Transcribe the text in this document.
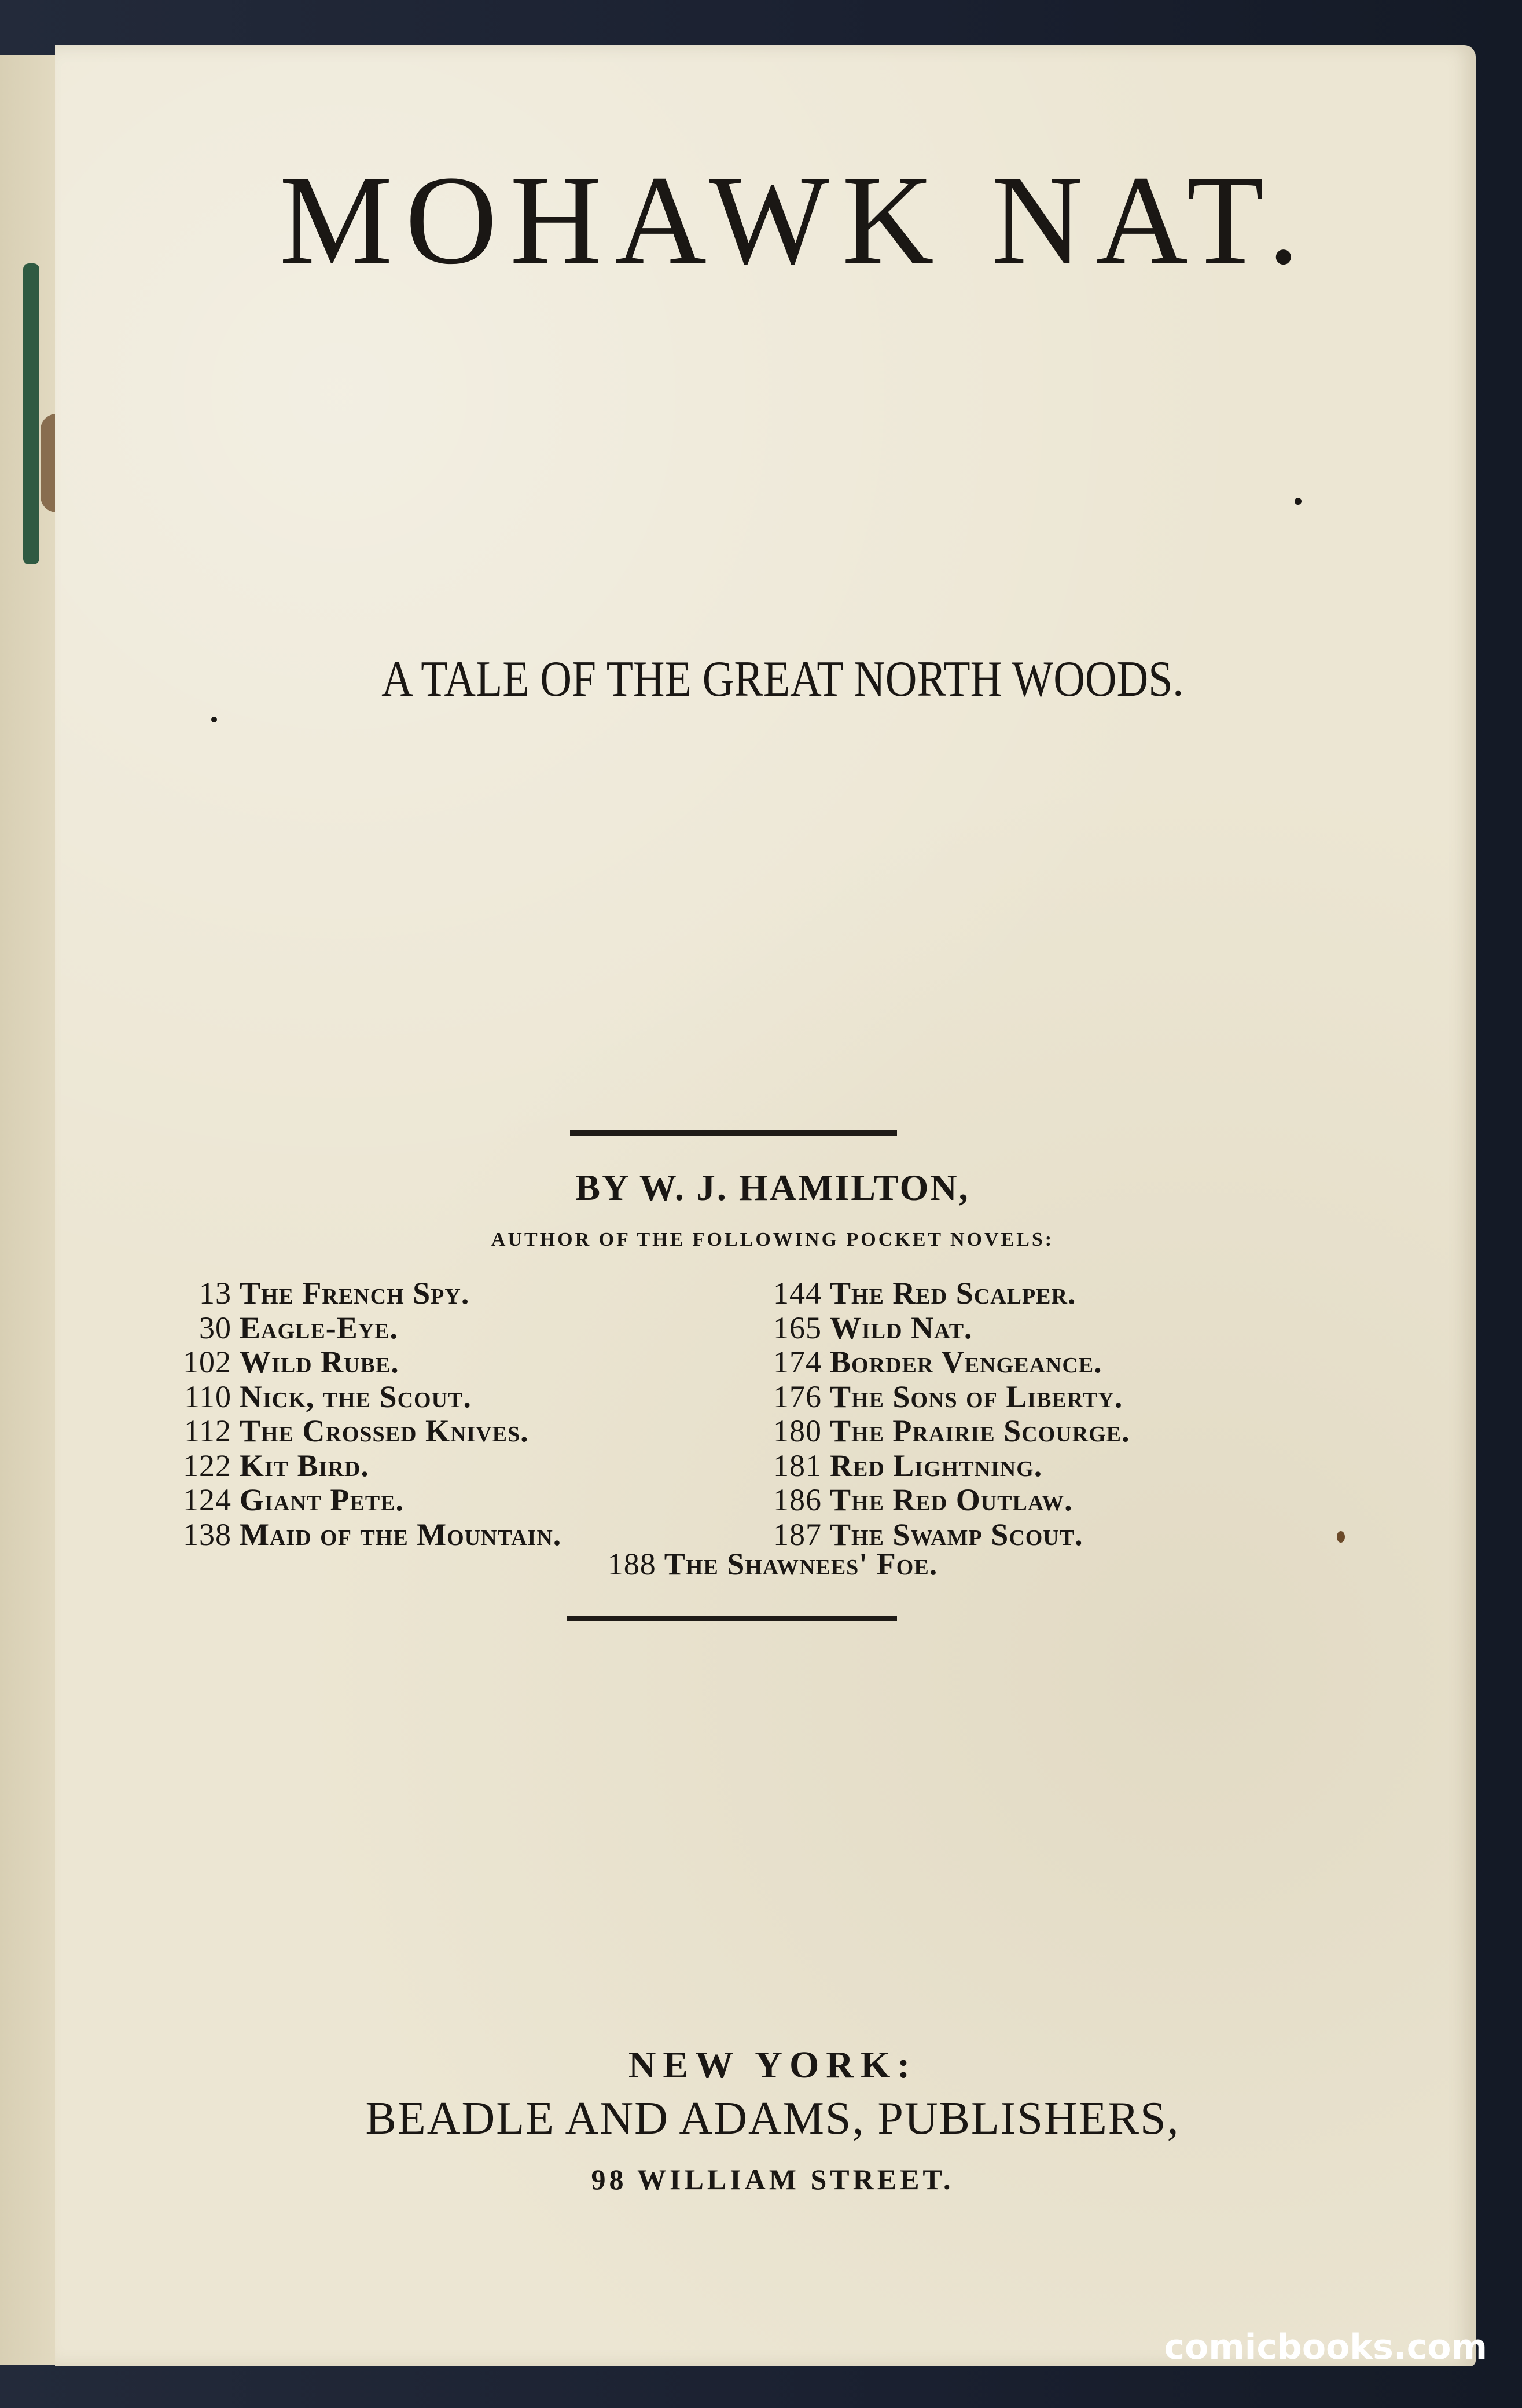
MOHAWK NAT.
A TALE OF THE GREAT NORTH WOODS.
BY W. J. HAMILTON,
AUTHOR OF THE FOLLOWING POCKET NOVELS:
13 The French Spy.
30 Eagle-Eye.
102 Wild Rube.
110 Nick, the Scout.
112 The Crossed Knives.
122 Kit Bird.
124 Giant Pete.
138 Maid of the Mountain.
144 The Red Scalper.
165 Wild Nat.
174 Border Vengeance.
176 The Sons of Liberty.
180 The Prairie Scourge.
181 Red Lightning.
186 The Red Outlaw.
187 The Swamp Scout.
188 The Shawnees' Foe.
NEW YORK:
BEADLE AND ADAMS, PUBLISHERS,
98 WILLIAM STREET.
comicbooks.com
